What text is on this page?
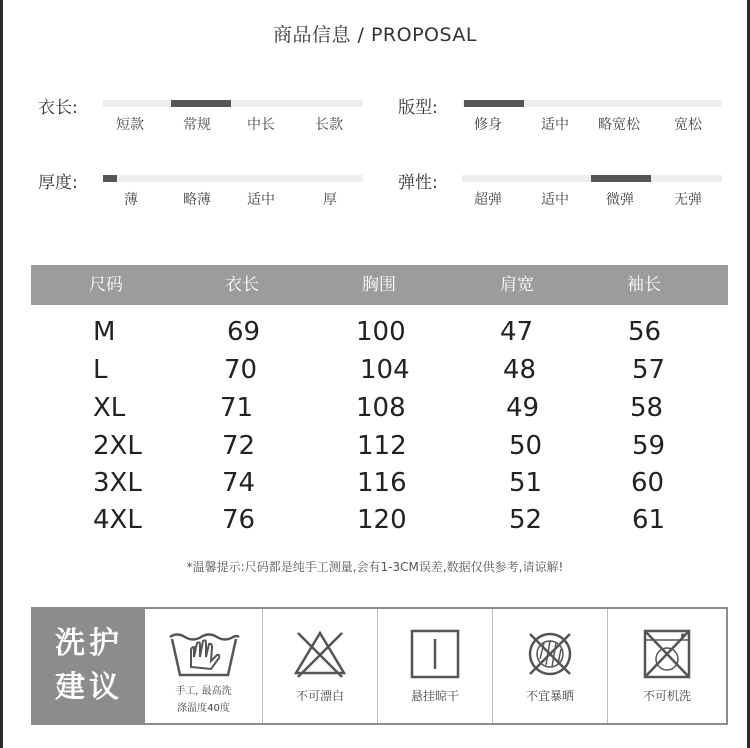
商品信息 / PROPOSAL
衣长:
短款	常规	中长	长款
版型:
修身	适中 略宽松 宽松
厚度:
薄	略薄	适中	厚
弹性:
超弹	适中	微弹	无弹
尺码	衣长	胸围	肩宽	袖长
M	69	100	47	56
L	70	104	48	57
XL	71	108	49	58
2XL	72	112	50	59
3XL	74	116	51	60
4XL	76	120	52	61
*温馨提示:尺码都是纯手工测量,会有1-3CM误差,数据仅供参考,请谅解!
洗护
建议	手工, 最高洗
涤温度40度
不可漂白	悬挂晾干	不宜暴晒	不可机洗
